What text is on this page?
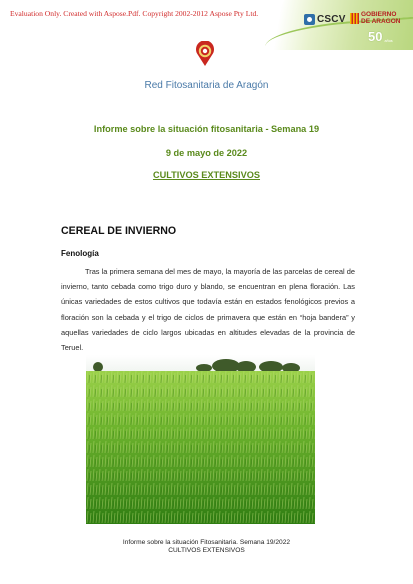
Evaluation Only. Created with Aspose.Pdf. Copyright 2002-2012 Aspose Pty Ltd.	CSCV GOBIERNO
DE ARAGON
50 años
Red Fitosanitaria de Aragón
Informe sobre la situación fitosanitaria - Semana 19
9 de mayo de 2022
CULTIVOS EXTENSIVOS
CEREAL DE INVIERNO
Fenología

Tras la primera semana del mes de mayo, la mayoría de las parcelas de cereal de invierno, tanto cebada como trigo duro y blando, se encuentran en plena floración. Las únicas variedades de estos cultivos que todavía están en estados fenológicos previos a floración son la cebada y el trigo de ciclos de primavera que están en “hoja bandera” y aquellas variedades de ciclo largos ubicadas en altitudes elevadas de la provincia de Teruel.

Informe sobre la situación Fitosanitaria. Semana 19/2022
CULTIVOS EXTENSIVOS
